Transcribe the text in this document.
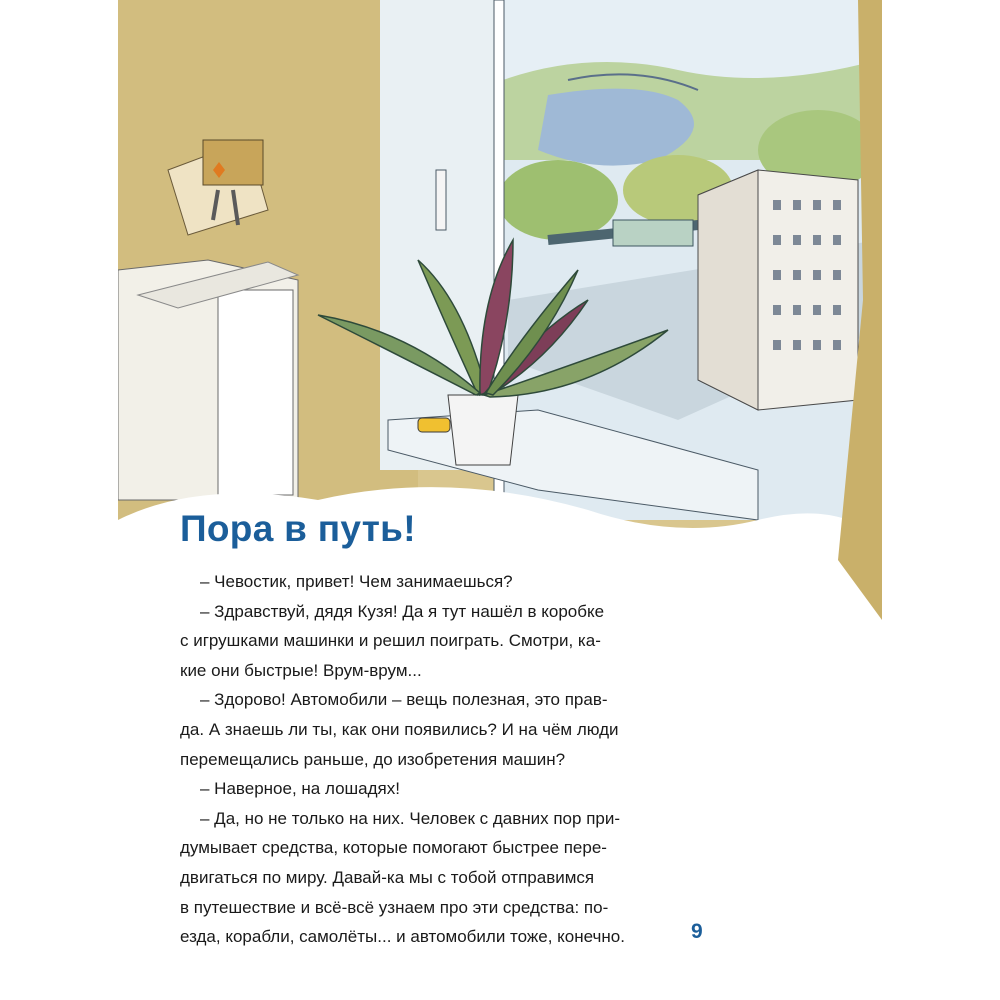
Пора в путь!

– Чевостик, привет! Чем занимаешься?

– Здравствуй, дядя Кузя! Да я тут нашёл в коробке

с игрушками машинки и решил поиграть. Смотри, ка-

кие они быстрые! Врум-врум...

– Здорово! Автомобили – вещь полезная, это прав-

да. А знаешь ли ты, как они появились? И на чём люди

перемещались раньше, до изобретения машин?

– Наверное, на лошадях!

– Да, но не только на них. Человек с давних пор при-

думывает средства, которые помогают быстрее пере-

двигаться по миру. Давай-ка мы с тобой отправимся

в путешествие и всё-всё узнаем про эти средства: по-

езда, корабли, самолёты... и автомобили тоже, конечно.	9
